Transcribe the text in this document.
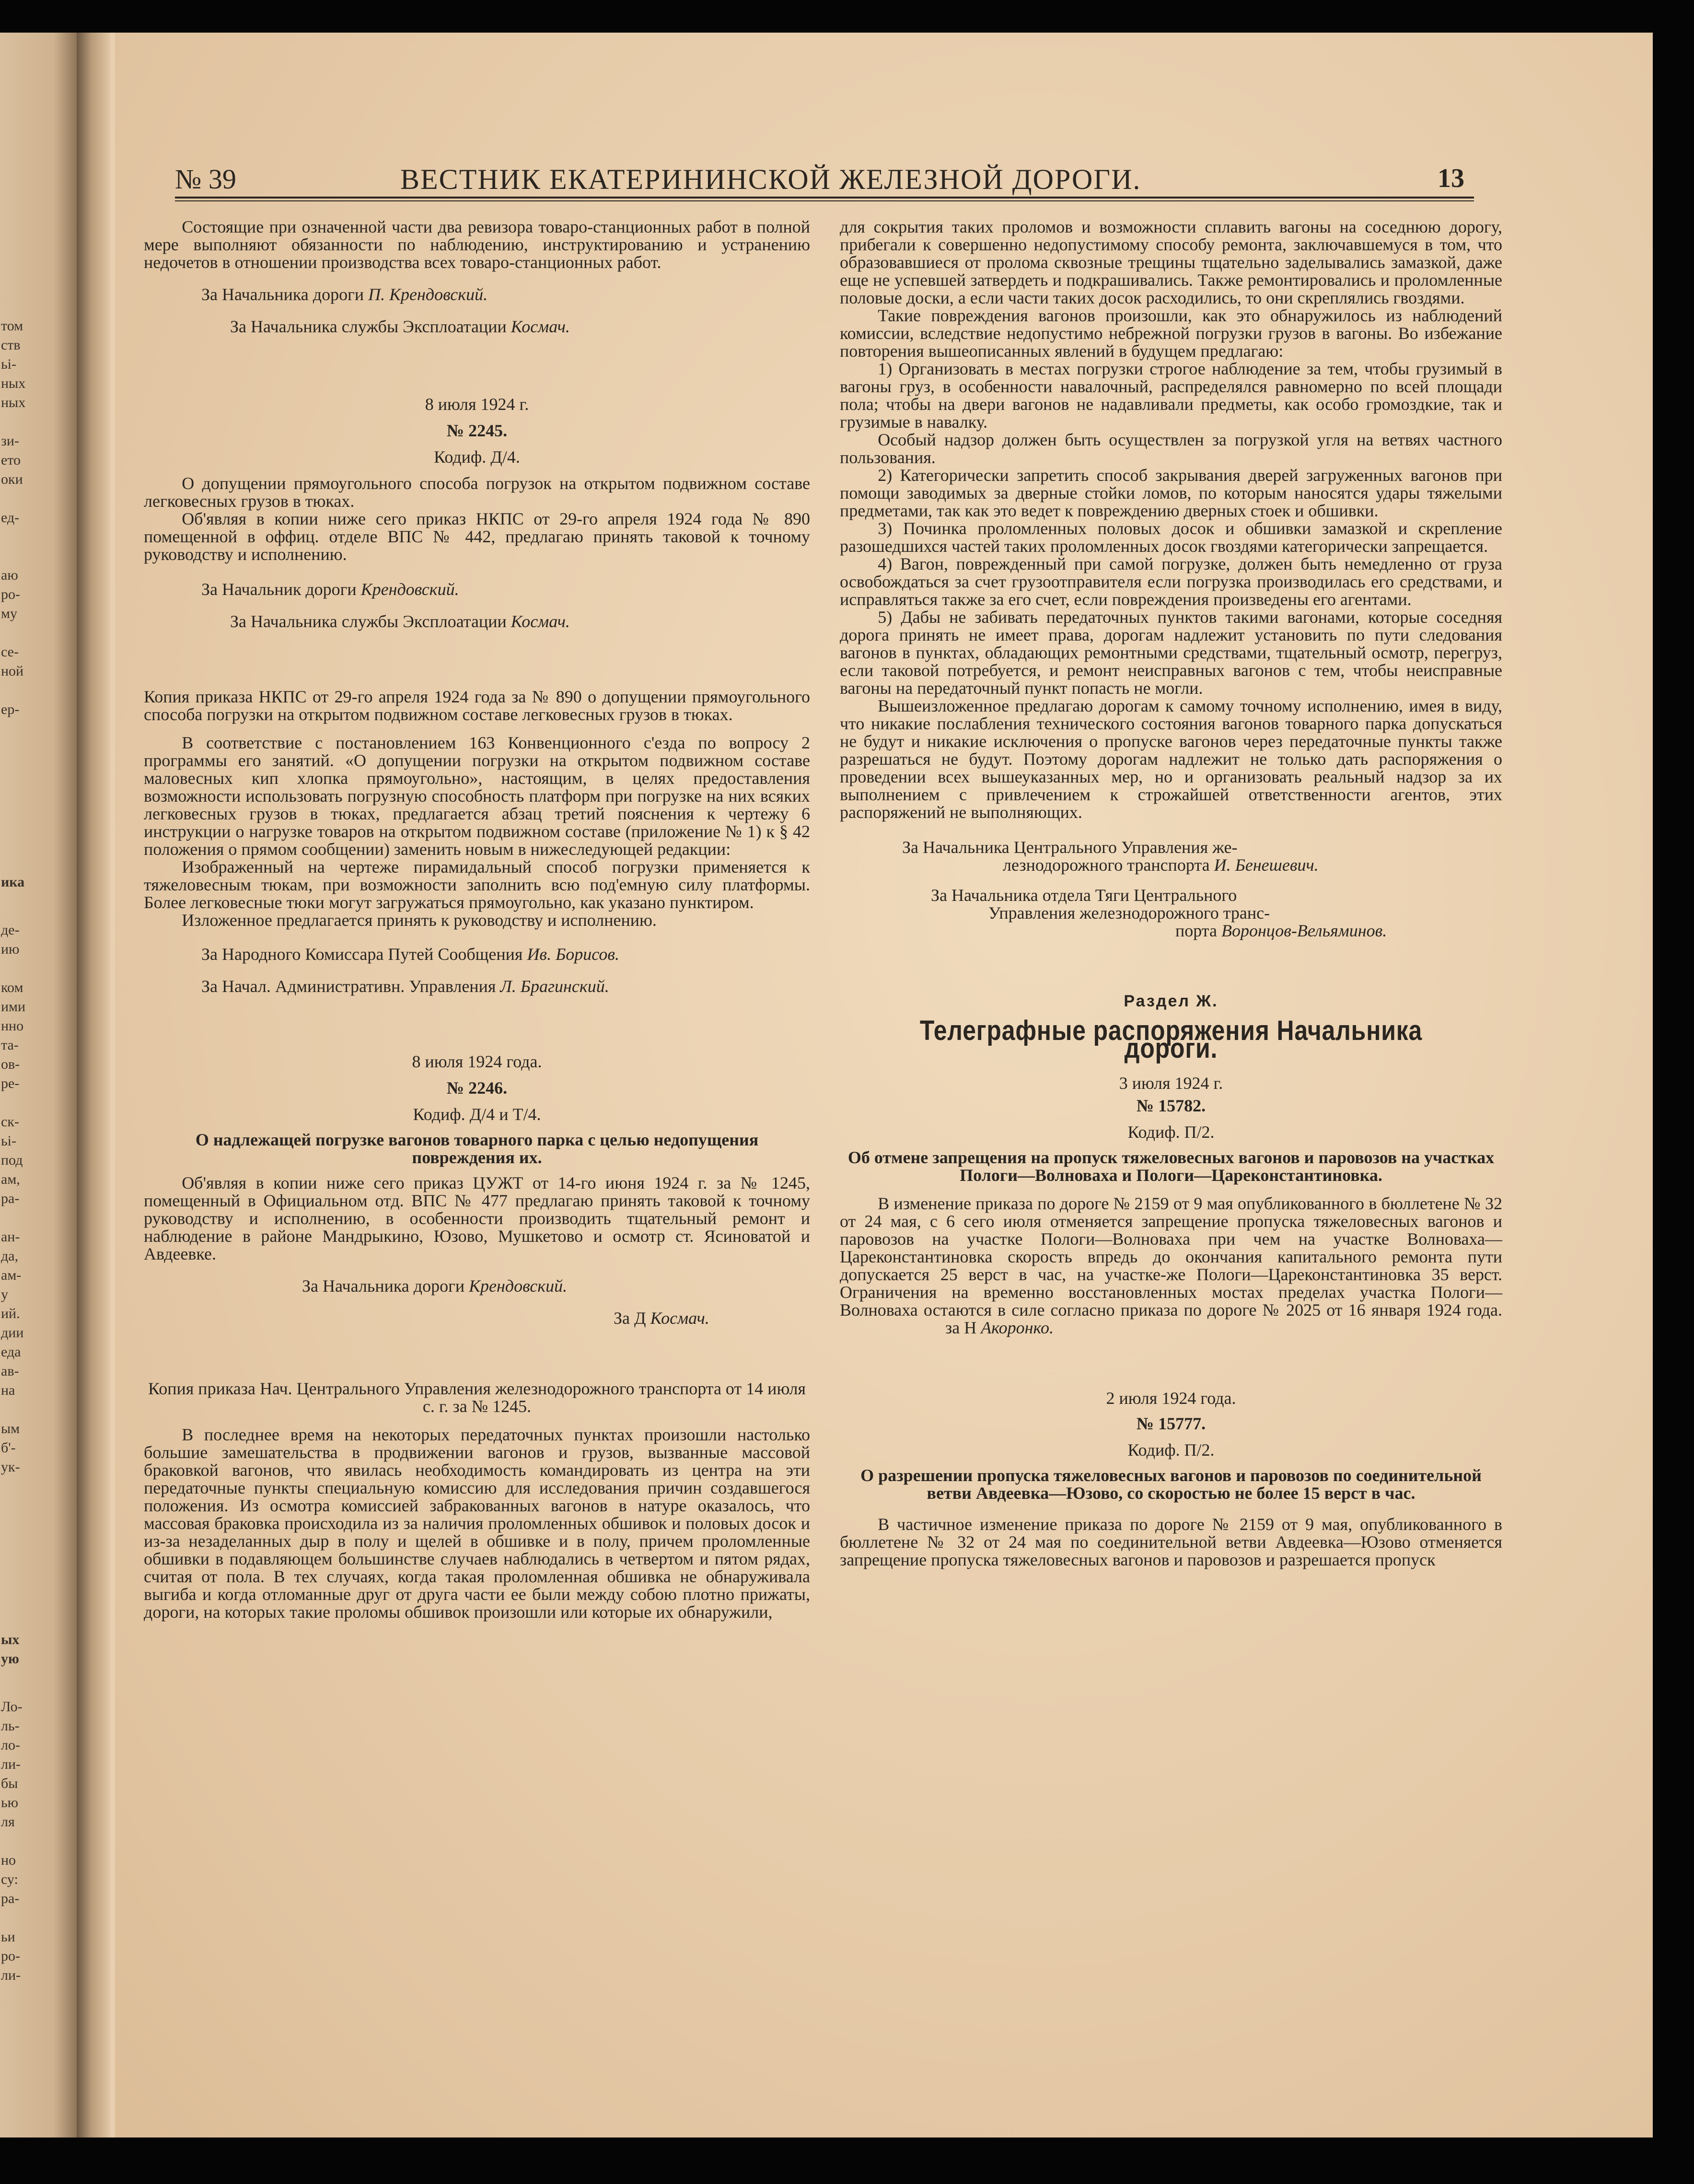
том
ств
ьі-
ных
ных
зи-
ето
оки
ед-
аю
ро-
му
се-
ной
ер-
ика
де-
ию
ком
ими
нно
та-
ов-
ре-
ск-
ьі-
под
ам,
ра-
ан-
да,
ам-
у
ий.
дии
еда
ав-
на
ым
б'-
ук-
ых
ую
Ло-
ль-
ло-
ли-
бы
ью
ля
но
су:
ра-
ьи
ро-
ли-
№ 39	ВЕСТНИК ЕКАТЕРИНИНСКОЙ ЖЕЛЕЗНОЙ ДОРОГИ.	13

Состоящие при означенной части два ревизора товаро-станционных работ в полной мере выполняют обязанности по наблюдению, инструктированию и устранению недочетов в отношении производства всех товаро-станционных работ.

За Начальника дороги П. Крендовский.

За Начальника службы Эксплоатации Космач.

8 июля 1924 г.

№ 2245.

Кодиф. Д/4.

О допущении прямоугольного способа погрузок на открытом подвижном составе легковесных грузов в тюках.

Об'являя в копии ниже сего приказ НКПС от 29-го апреля 1924 года № 890 помещенной в оффиц. отделе ВПС № 442, предлагаю принять таковой к точному руководству и исполнению.

За Начальник дороги Крендовский.

За Начальника службы Эксплоатации Космач.

Копия приказа НКПС от 29-го апреля 1924 года за № 890 о допущении прямоугольного способа погрузки на открытом подвижном составе легковесных грузов в тюках.

В соответствие с постановлением 163 Конвенционного с'езда по вопросу 2 программы его занятий. «О допущении погрузки на открытом подвижном составе маловесных кип хлопка прямоугольно», настоящим, в целях предоставления возможности использовать погрузную способность платформ при погрузке на них всяких легковесных грузов в тюках, предлагается абзац третий пояснения к чертежу 6 инструкции о нагрузке товаров на открытом подвижном составе (приложение № 1) к § 42 положения о прямом сообщении) заменить новым в нижеследующей редакции:

Изображенный на чертеже пирамидальный способ погрузки применяется к тяжеловесным тюкам, при возможности заполнить всю под'емную силу платформы. Более легковесные тюки могут загружаться прямоугольно, как указано пунктиром.

Изложенное предлагается принять к руководству и исполнению.

За Народного Комиссара Путей Сообщения Ив. Борисов.

За Начал. Административн. Управления Л. Брагинский.

8 июля 1924 года.

№ 2246.

Кодиф. Д/4 и Т/4.

О надлежащей погрузке вагонов товарного парка с целью недопущения повреждения их.

Об'являя в копии ниже сего приказ ЦУЖТ от 14-го июня 1924 г. за № 1245, помещенный в Официальном отд. ВПС № 477 предлагаю принять таковой к точному руководству и исполнению, в особенности производить тщательный ремонт и наблюдение в районе Мандрыкино, Юзово, Мушкетово и осмотр ст. Ясиноватой и Авдеевке.

За Начальника дороги Крендовский.

За Д Космач.

Копия приказа Нач. Центрального Управления железнодорожного транспорта от 14 июля с. г. за № 1245.

В последнее время на некоторых передаточных пунктах произошли настолько большие замешательства в продвижении вагонов и грузов, вызванные массовой браковкой вагонов, что явилась необходимость командировать из центра на эти передаточные пункты специальную комиссию для исследования причин создавшегося положения. Из осмотра комиссией забракованных вагонов в натуре оказалось, что массовая браковка происходила из за наличия проломленных обшивок и половых досок и из-за незаделанных дыр в полу и щелей в обшивке и в полу, причем проломленные обшивки в подавляющем большинстве случаев наблюдались в четвертом и пятом рядах, считая от пола. В тех случаях, когда такая проломленная обшивка не обнаруживала выгиба и когда отломанные друг от друга части ее были между собою плотно прижаты, дороги, на которых такие проломы обшивок произошли или которые их обнаружили,

для сокрытия таких проломов и возможности сплавить вагоны на соседнюю дорогу, прибегали к совершенно недопустимому способу ремонта, заключавшемуся в том, что образовавшиеся от пролома сквозные трещины тщательно заделывались замазкой, даже еще не успевшей затвердеть и подкрашивались. Также ремонтировались и проломленные половые доски, а если части таких досок расходились, то они скреплялись гвоздями.

Такие повреждения вагонов произошли, как это обнаружилось из наблюдений комиссии, вследствие недопустимо небрежной погрузки грузов в вагоны. Во избежание повторения вышеописанных явлений в будущем предлагаю:

1) Организовать в местах погрузки строгое наблюдение за тем, чтобы грузимый в вагоны груз, в особенности навалочный, распределялся равномерно по всей площади пола; чтобы на двери вагонов не надавливали предметы, как особо громоздкие, так и грузимые в навалку.

Особый надзор должен быть осуществлен за погрузкой угля на ветвях частного пользования.

2) Категорически запретить способ закрывания дверей загруженных вагонов при помощи заводимых за дверные стойки ломов, по которым наносятся удары тяжелыми предметами, так как это ведет к повреждению дверных стоек и обшивки.

3) Починка проломленных половых досок и обшивки замазкой и скрепление разошедшихся частей таких проломленных досок гвоздями категорически запрещается.

4) Вагон, поврежденный при самой погрузке, должен быть немедленно от груза освобождаться за счет грузоотправителя если погрузка производилась его средствами, и исправляться также за его счет, если повреждения произведены его агентами.

5) Дабы не забивать передаточных пунктов такими вагонами, которые соседняя дорога принять не имеет права, дорогам надлежит установить по пути следования вагонов в пунктах, обладающих ремонтными средствами, тщательный осмотр, перегруз, если таковой потребуется, и ремонт неисправных вагонов с тем, чтобы неисправные вагоны на передаточный пункт попасть не могли.

Вышеизложенное предлагаю дорогам к самому точному исполнению, имея в виду, что никакие послабления технического состояния вагонов товарного парка допускаться не будут и никакие исключения о пропуске вагонов через передаточные пункты также разрешаться не будут. Поэтому дорогам надлежит не только дать распоряжения о проведении всех вышеуказанных мер, но и организовать реальный надзор за их выполнением с привлечением к строжайшей ответственности агентов, этих распоряжений не выполняющих.

За Начальника Центрального Управления же-

лезнодорожного транспорта И. Бенешевич.

За Начальника отдела Тяги Центрального

Управления железнодорожного транс-

порта Воронцов-Вельяминов.

Раздел Ж.

Телеграфные распоряжения Начальника дороги.

3 июля 1924 г.

№ 15782.

Кодиф. П/2.

Об отмене запрещения на пропуск тяжеловесных вагонов и паровозов на участках Пологи—Волноваха и Пологи—Цареконстантиновка.

В изменение приказа по дороге № 2159 от 9 мая опубликованного в бюллетене № 32 от 24 мая, с 6 сего июля отменяется запрещение пропуска тяжеловесных вагонов и паровозов на участке Пологи—Волноваха при чем на участке Волноваха—Цареконстантиновка скорость впредь до окончания капитального ремонта пути допускается 25 верст в час, на участке-же Пологи—Цареконстантиновка 35 верст. Ограничения на временно восстановленных мостах пределах участка Пологи—Волноваха остаются в силе согласно приказа по дороге № 2025 от 16 января 1924 года. за Н Акоронко.

2 июля 1924 года.

№ 15777.

Кодиф. П/2.

О разрешении пропуска тяжеловесных вагонов и паровозов по соединительной ветви Авдеевка—Юзово, со скоростью не более 15 верст в час.

В частичное изменение приказа по дороге № 2159 от 9 мая, опубликованного в бюллетене № 32 от 24 мая по соединительной ветви Авдеевка—Юзово отменяется запрещение пропуска тяжеловесных вагонов и паровозов и разрешается пропуск
